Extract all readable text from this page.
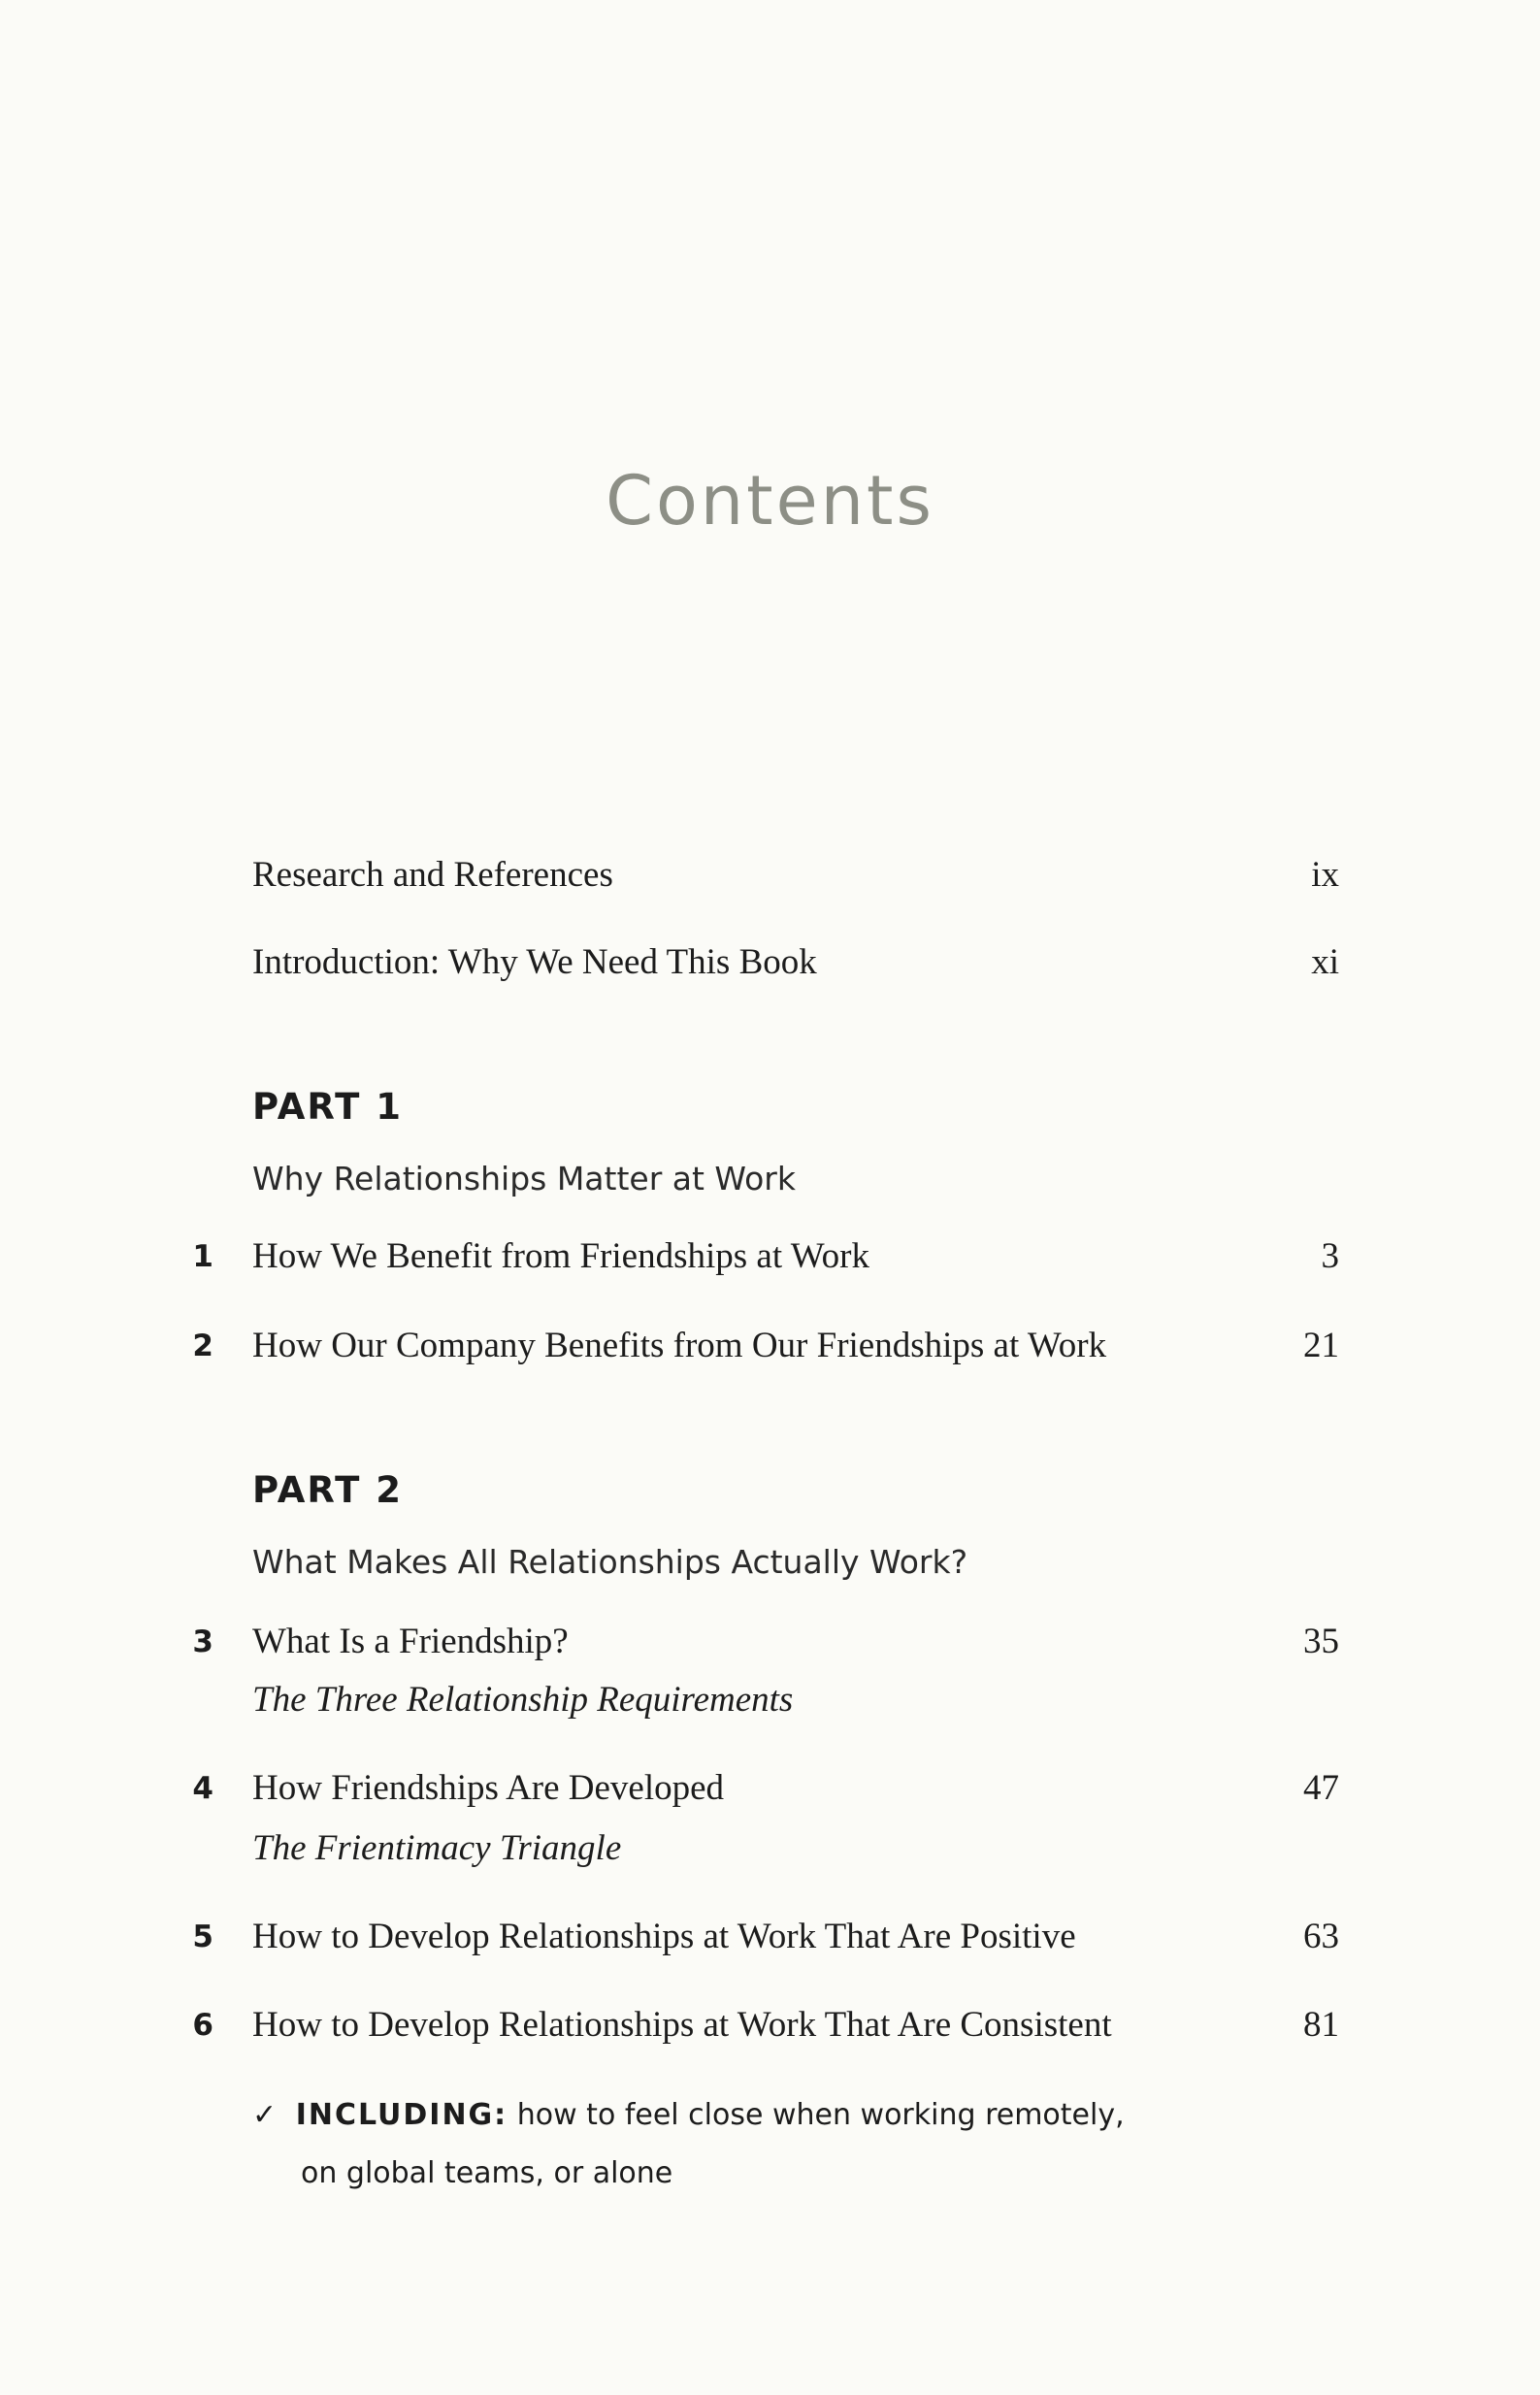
Contents
Research and References	ix
Introduction: Why We Need This Book	xi
PART 1
Why Relationships Matter at Work
1 How We Benefit from Friendships at Work	3
2 How Our Company Benefits from Our Friendships at Work	21
PART 2
What Makes All Relationships Actually Work?
3 What Is a Friendship?	35
The Three Relationship Requirements
4 How Friendships Are Developed	47
The Frientimacy Triangle
5 How to Develop Relationships at Work That Are Positive	63
6 How to Develop Relationships at Work That Are Consistent	81
✓ INCLUDING: how to feel close when working remotely,
on global teams, or alone
